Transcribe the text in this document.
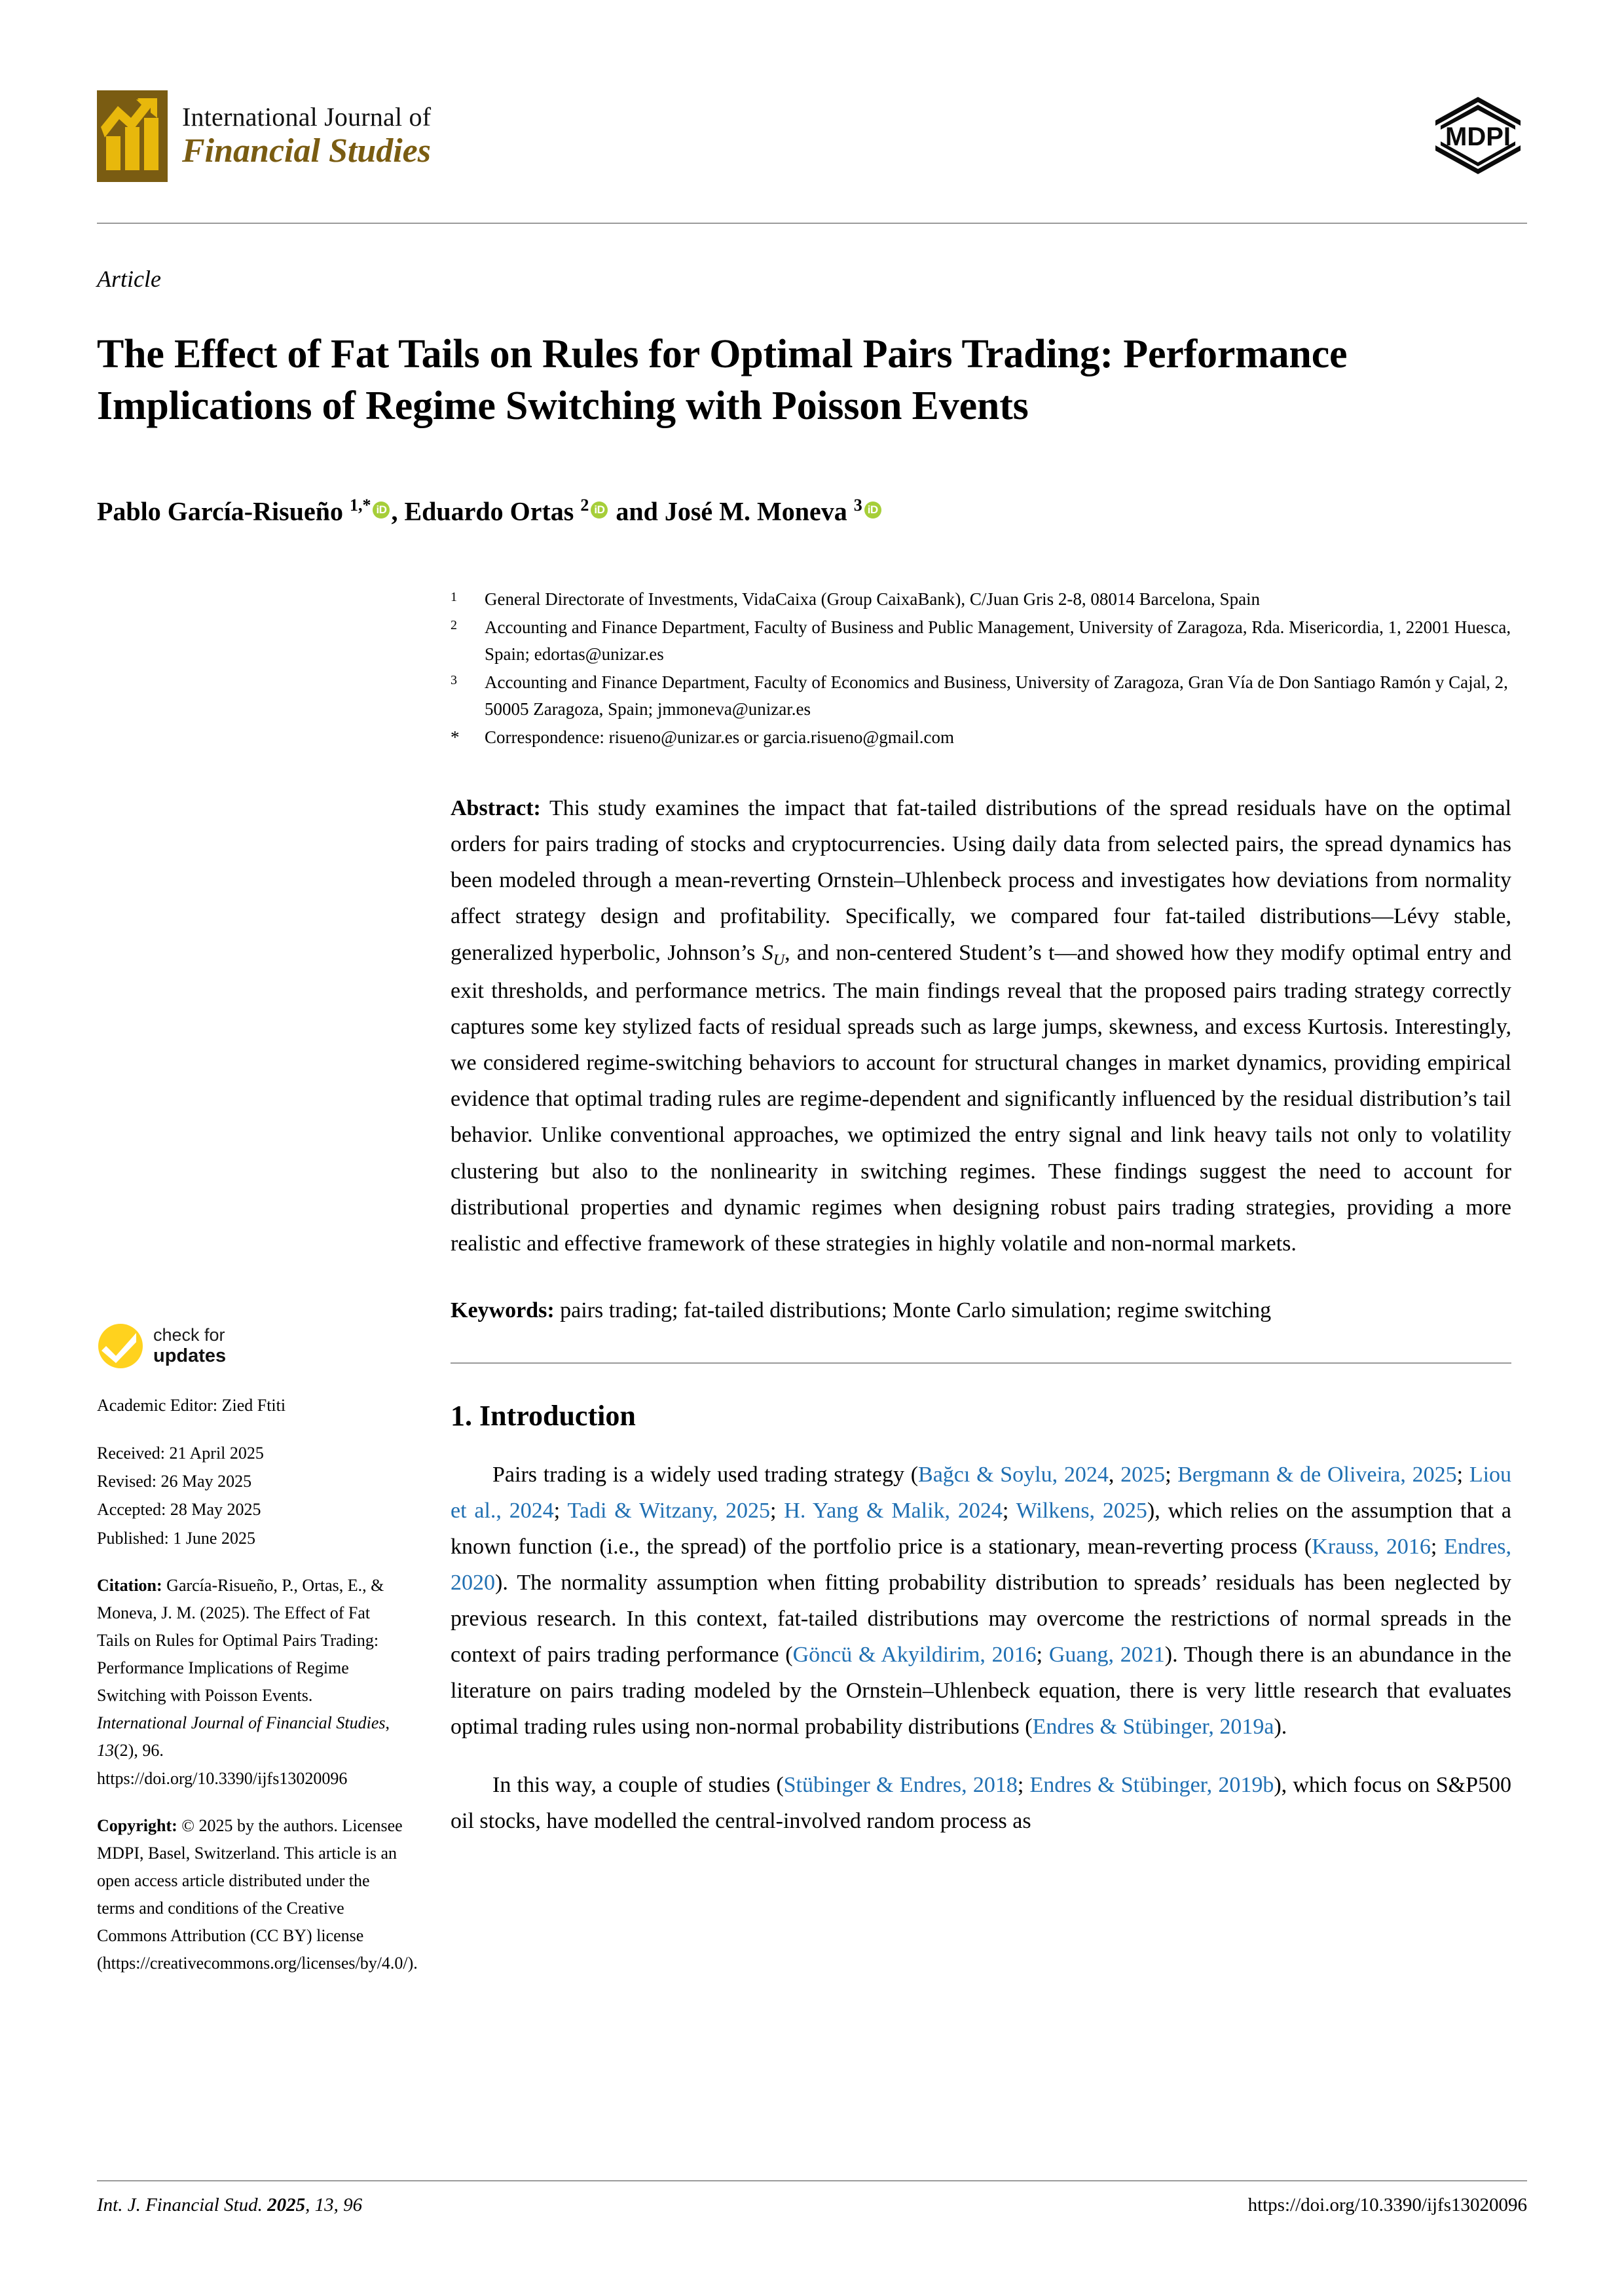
International Journal of
Financial Studies	MDPI
Article
The Effect of Fat Tails on Rules for Optimal Pairs Trading: Performance Implications of Regime Switching with Poisson Events
Pablo García-Risueño $^{1,*}$ iD , Eduardo Ortas $^2$ iD and José M. Moneva $^3$ iD
1	General Directorate of Investments, VidaCaixa (Group CaixaBank), C/Juan Gris 2-8, 08014 Barcelona, Spain
2	Accounting and Finance Department, Faculty of Business and Public Management, University of Zaragoza, Rda. Misericordia, 1, 22001 Huesca, Spain; edortas@unizar.es
3	Accounting and Finance Department, Faculty of Economics and Business, University of Zaragoza, Gran Vía de Don Santiago Ramón y Cajal, 2, 50005 Zaragoza, Spain; jmmoneva@unizar.es
*	Correspondence: risueno@unizar.es or garcia.risueno@gmail.com
Abstract: This study examines the impact that fat-tailed distributions of the spread residuals have on the optimal orders for pairs trading of stocks and cryptocurrencies. Using daily data from selected pairs, the spread dynamics has been modeled through a mean-reverting Ornstein–Uhlenbeck process and investigates how deviations from normality affect strategy design and profitability. Specifically, we compared four fat-tailed distributions—Lévy stable, generalized hyperbolic, Johnson’s $S_U$, and non-centered Student’s t—and showed how they modify optimal entry and exit thresholds, and performance metrics. The main findings reveal that the proposed pairs trading strategy correctly captures some key stylized facts of residual spreads such as large jumps, skewness, and excess Kurtosis. Interestingly, we considered regime-switching behaviors to account for structural changes in market dynamics, providing empirical evidence that optimal trading rules are regime-dependent and significantly influenced by the residual distribution’s tail behavior. Unlike conventional approaches, we optimized the entry signal and link heavy tails not only to volatility clustering but also to the nonlinearity in switching regimes. These findings suggest the need to account for distributional properties and dynamic regimes when designing robust pairs trading strategies, providing a more realistic and effective framework of these strategies in highly volatile and non-normal markets.
Keywords: pairs trading; fat-tailed distributions; Monte Carlo simulation; regime switching
1. Introduction

Pairs trading is a widely used trading strategy (Bağcı & Soylu, 2024, 2025; Bergmann & de Oliveira, 2025; Liou et al., 2024; Tadi & Witzany, 2025; H. Yang & Malik, 2024; Wilkens, 2025), which relies on the assumption that a known function (i.e., the spread) of the portfolio price is a stationary, mean-reverting process (Krauss, 2016; Endres, 2020). The normality assumption when fitting probability distribution to spreads’ residuals has been neglected by previous research. In this context, fat-tailed distributions may overcome the restrictions of normal spreads in the context of pairs trading performance (Göncü & Akyildirim, 2016; Guang, 2021). Though there is an abundance in the literature on pairs trading modeled by the Ornstein–Uhlenbeck equation, there is very little research that evaluates optimal trading rules using non-normal probability distributions (Endres & Stübinger, 2019a).

In this way, a couple of studies (Stübinger & Endres, 2018; Endres & Stübinger, 2019b), which focus on S&P500 oil stocks, have modelled the central-involved random process as

check for
updates
Academic Editor: Zied Ftiti
Received: 21 April 2025
Revised: 26 May 2025
Accepted: 28 May 2025
Published: 1 June 2025
Citation: García-Risueño, P., Ortas, E., & Moneva, J. M. (2025). The Effect of Fat Tails on Rules for Optimal Pairs Trading: Performance Implications of Regime Switching with Poisson Events. International Journal of Financial Studies, 13(2), 96. https://doi.org/10.3390/ijfs13020096
Copyright: © 2025 by the authors. Licensee MDPI, Basel, Switzerland. This article is an open access article distributed under the terms and conditions of the Creative Commons Attribution (CC BY) license (https://creativecommons.org/licenses/by/4.0/).
Int. J. Financial Stud. 2025, 13, 96	https://doi.org/10.3390/ijfs13020096
